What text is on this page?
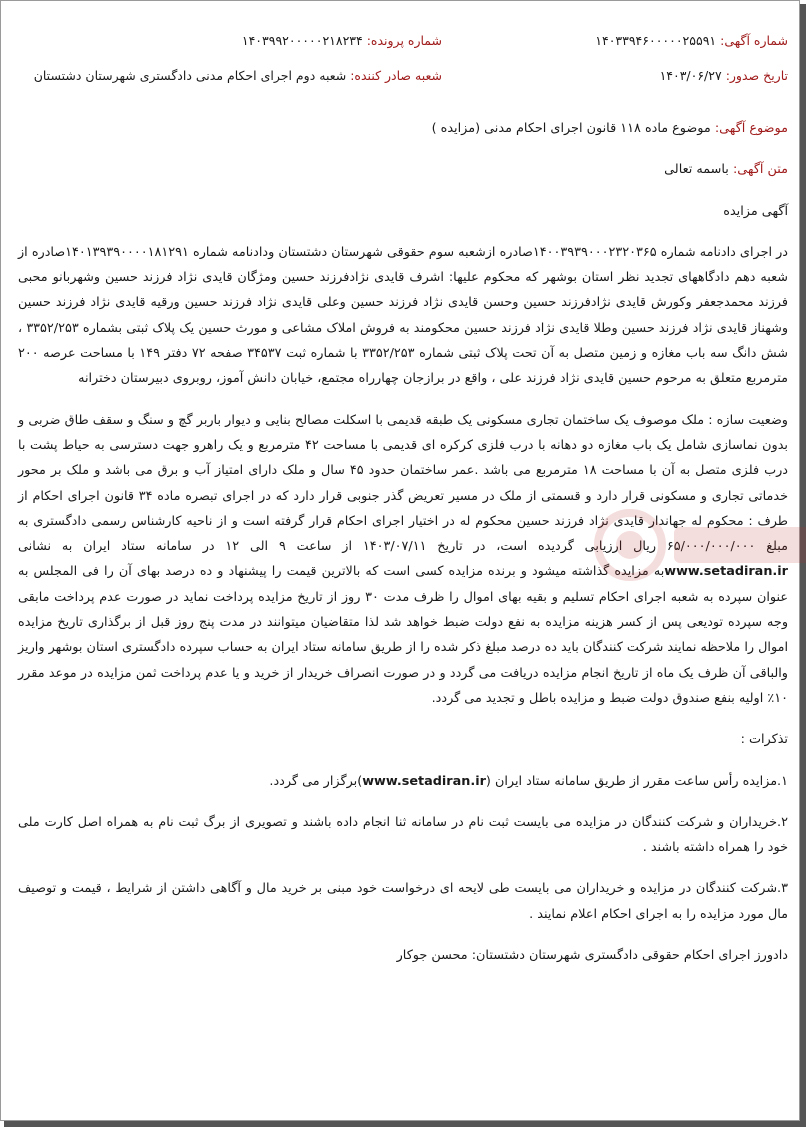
شماره آگهی: ۱۴۰۳۳۹۴۶۰۰۰۰۰۲۵۵۹۱
شماره پرونده: ۱۴۰۳۹۹۲۰۰۰۰۰۲۱۸۲۳۴
تاریخ صدور: ۱۴۰۳/۰۶/۲۷
شعبه صادر کننده: شعبه دوم اجرای احکام مدنی دادگستری شهرستان دشتستان

موضوع آگهی: موضوع ماده ۱۱۸ قانون اجرای احکام مدنی (مزایده )

متن آگهی: باسمه تعالی

آگهی مزایده

در اجرای دادنامه شماره ۱۴۰۰۳۹۳۹۰۰۰۲۳۲۰۳۶۵صادره ازشعبه سوم حقوقی شهرستان دشتستان ودادنامه شماره ۱۴۰۱۳۹۳۹۰۰۰۰۱۸۱۲۹۱صادره از شعبه دهم دادگاههای تجدید نظر استان بوشهر که محکوم علیها: اشرف قایدی نژادفرزند حسین ومژگان قایدی نژاد فرزند حسین وشهربانو محبی فرزند محمدجعفر وکورش قایدی نژادفرزند حسین وحسن قایدی نژاد فرزند حسین وعلی قایدی نژاد فرزند حسین ورقیه قایدی نژاد فرزند حسین وشهناز قایدی نژاد فرزند حسین وطلا قایدی نژاد فرزند حسین محکومند به فروش املاک مشاعی و مورث حسین یک پلاک ثبتی بشماره ۳۳۵۲/۲۵۳ ، شش دانگ سه باب مغازه و زمین متصل به آن تحت پلاک ثبتی شماره ۳۳۵۲/۲۵۳ با شماره ثبت ۳۴۵۳۷ صفحه ۷۲ دفتر ۱۴۹ با مساحت عرصه ۲۰۰ مترمربع متعلق به مرحوم حسین قایدی نژاد فرزند علی ، واقع در برازجان چهارراه مجتمع، خیابان دانش آموز، روبروی دبیرستان دخترانه

وضعیت سازه : ملک موصوف یک ساختمان تجاری مسکونی یک طبقه قدیمی با اسکلت مصالح بنایی و دیوار باربر گچ و سنگ و سقف طاق ضربی و بدون نماسازی شامل یک باب مغازه دو دهانه با درب فلزی کرکره ای قدیمی با مساحت ۴۲ مترمربع و یک راهرو جهت دسترسی به حیاط پشت با درب فلزی متصل به آن با مساحت ۱۸ مترمربع می باشد .عمر ساختمان حدود ۴۵ سال و ملک دارای امتیاز آب و برق می باشد و ملک بر محور خدماتی تجاری و مسکونی قرار دارد و قسمتی از ملک در مسیر تعریض گذر جنوبی قرار دارد که در اجرای تبصره ماده ۳۴ قانون اجرای احکام از طرف : محکوم له جهاندار قایدی نژاد فرزند حسین محکوم له در اختیار اجرای احکام قرار گرفته است و از ناحیه کارشناس رسمی دادگستری به مبلغ ۶۵/۰۰۰/۰۰۰/۰۰۰ ریال ارزیابی گردیده است، در تاریخ ۱۴۰۳/۰۷/۱۱ از ساعت ۹ الی ۱۲ در سامانه ستاد ایران به نشانی www.setadiran.irبه مزایده گذاشته میشود و برنده مزایده کسی است که بالاترین قیمت را پیشنهاد و ده درصد بهای آن را فی المجلس به عنوان سپرده به شعبه اجرای احکام تسلیم و بقیه بهای اموال را ظرف مدت ۳۰ روز از تاریخ مزایده پرداخت نماید در صورت عدم پرداخت مابقی وجه سپرده تودیعی پس از کسر هزینه مزایده به نفع دولت ضبط خواهد شد لذا متقاضیان میتوانند در مدت پنج روز قبل از برگذاری تاریخ مزایده اموال را ملاحظه نمایند شرکت کنندگان باید ده درصد مبلغ ذکر شده را از طریق سامانه ستاد ایران به حساب سپرده دادگستری استان بوشهر واریز والباقی آن ظرف یک ماه از تاریخ انجام مزایده دریافت می گردد و در صورت انصراف خریدار از خرید و یا عدم پرداخت ثمن مزایده در موعد مقرر ۱۰٪ اولیه بنفع صندوق دولت ضبط و مزایده باطل و تجدید می گردد.

تذکرات :

۱.مزایده رأس ساعت مقرر از طریق سامانه ستاد ایران (www.setadiran.ir)برگزار می گردد.

۲.خریداران و شرکت کنندگان در مزایده می بایست ثبت نام در سامانه ثنا انجام داده باشند و تصویری از برگ ثبت نام به همراه اصل کارت ملی خود را همراه داشته باشند .

۳.شرکت کنندگان در مزایده و خریداران می بایست طی لایحه ای درخواست خود مبنی بر خرید مال و آگاهی داشتن از شرایط ، قیمت و توصیف مال مورد مزایده را به اجرای احکام اعلام نمایند .

دادورز اجرای احکام حقوقی دادگستری شهرستان دشتستان: محسن جوکار
